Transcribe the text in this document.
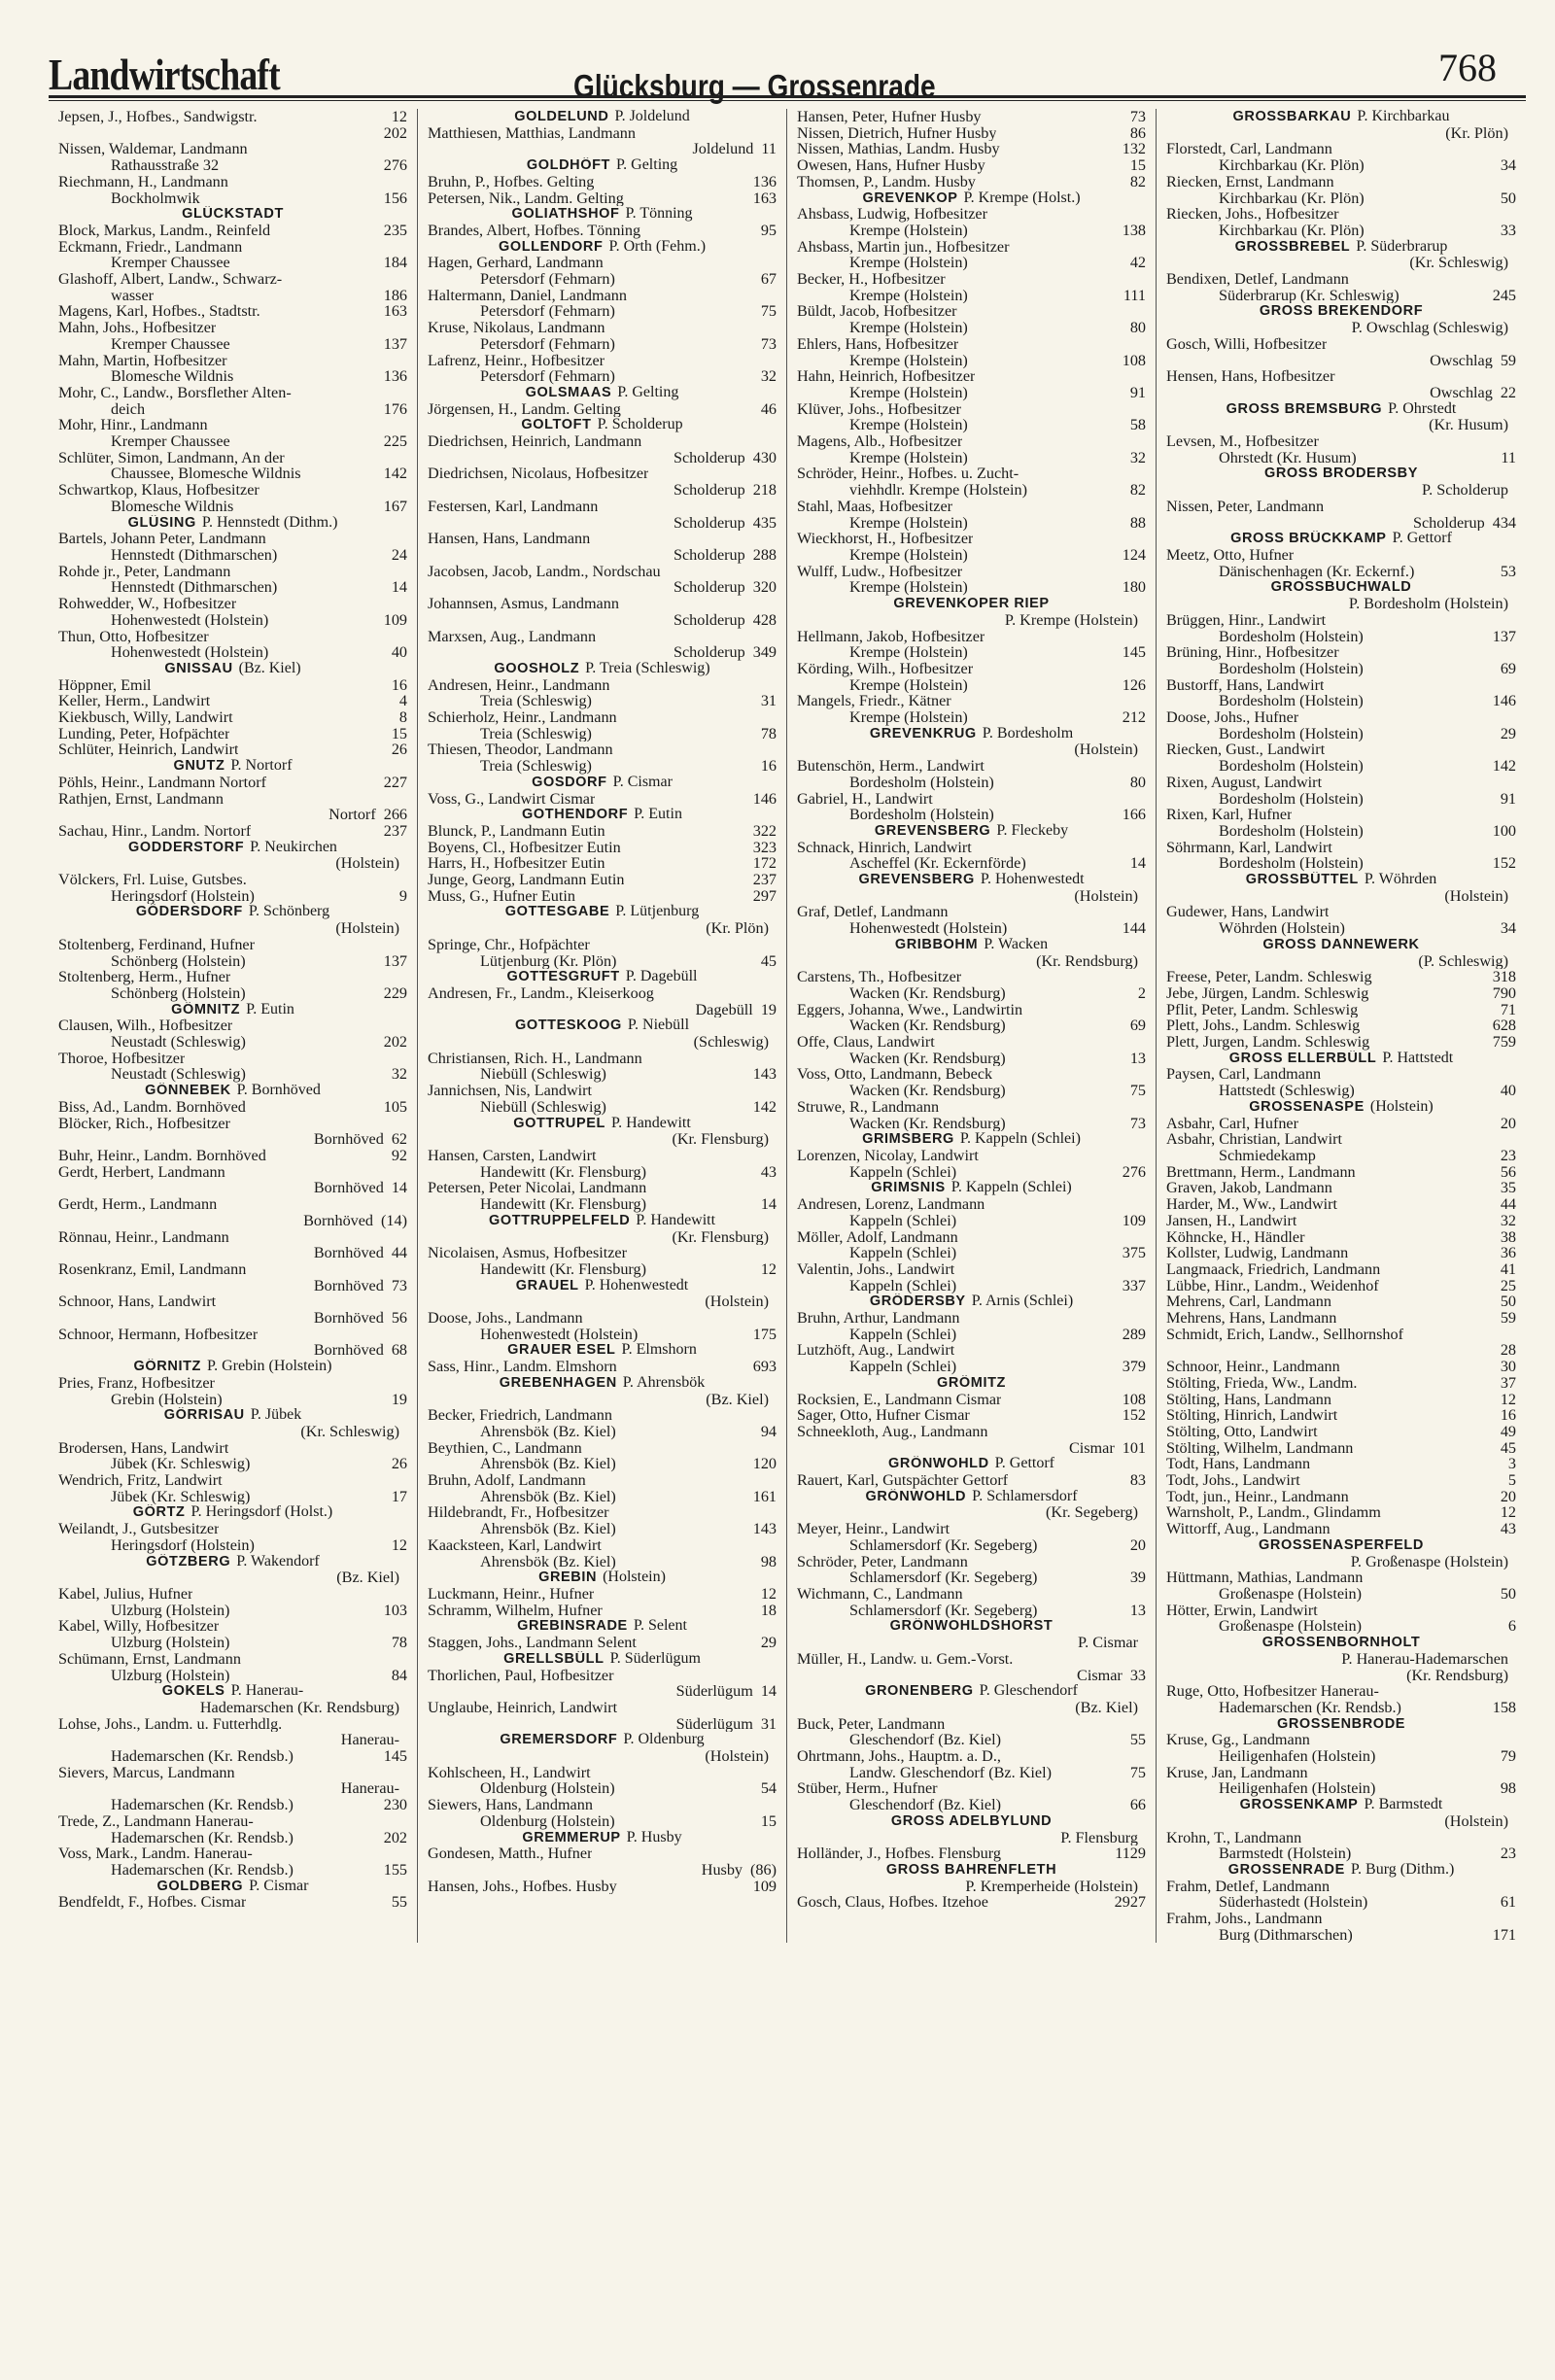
Landwirtschaft	Glücksburg — Grossenrade	768
Jepsen, J., Hofbes., Sandwigstr.	12
202
Nissen, Waldemar, Landmann
Rathausstraße 32	276
Riechmann, H., Landmann
Bockholmwik	156
GLÜCKSTADT
Block, Markus, Landm., Reinfeld	235
Eckmann, Friedr., Landmann
Kremper Chaussee	184
Glashoff, Albert, Landw., Schwarz-
wasser	186
Magens, Karl, Hofbes., Stadtstr.	163
Mahn, Johs., Hofbesitzer
Kremper Chaussee	137
Mahn, Martin, Hofbesitzer
Blomesche Wildnis	136
Mohr, C., Landw., Borsflether Alten-
deich	176
Mohr, Hinr., Landmann
Kremper Chaussee	225
Schlüter, Simon, Landmann, An der
Chaussee, Blomesche Wildnis	142
Schwartkop, Klaus, Hofbesitzer
Blomesche Wildnis	167
GLÜSING P. Hennstedt (Dithm.)
Bartels, Johann Peter, Landmann
Hennstedt (Dithmarschen)	24
Rohde jr., Peter, Landmann
Hennstedt (Dithmarschen)	14
Rohwedder, W., Hofbesitzer
Hohenwestedt (Holstein)	109
Thun, Otto, Hofbesitzer
Hohenwestedt (Holstein)	40
GNISSAU (Bz. Kiel)
Höppner, Emil	16
Keller, Herm., Landwirt	4
Kiekbusch, Willy, Landwirt	8
Lunding, Peter, Hofpächter	15
Schlüter, Heinrich, Landwirt	26
GNUTZ P. Nortorf
Pöhls, Heinr., Landmann Nortorf	227
Rathjen, Ernst, Landmann
Nortorf 266
Sachau, Hinr., Landm. Nortorf	237
GODDERSTORF P. Neukirchen
(Holstein)
Völckers, Frl. Luise, Gutsbes.
Heringsdorf (Holstein)	9
GÖDERSDORF P. Schönberg
(Holstein)
Stoltenberg, Ferdinand, Hufner
Schönberg (Holstein)	137
Stoltenberg, Herm., Hufner
Schönberg (Holstein)	229
GÖMNITZ P. Eutin
Clausen, Wilh., Hofbesitzer
Neustadt (Schleswig)	202
Thoroe, Hofbesitzer
Neustadt (Schleswig)	32
GÖNNEBEK P. Bornhöved
Biss, Ad., Landm. Bornhöved	105
Blöcker, Rich., Hofbesitzer
Bornhöved 62
Buhr, Heinr., Landm. Bornhöved	92
Gerdt, Herbert, Landmann
Bornhöved 14
Gerdt, Herm., Landmann
Bornhöved (14)
Rönnau, Heinr., Landmann
Bornhöved 44
Rosenkranz, Emil, Landmann
Bornhöved 73
Schnoor, Hans, Landwirt
Bornhöved 56
Schnoor, Hermann, Hofbesitzer
Bornhöved 68
GÖRNITZ P. Grebin (Holstein)
Pries, Franz, Hofbesitzer
Grebin (Holstein)	19
GÖRRISAU P. Jübek
(Kr. Schleswig)
Brodersen, Hans, Landwirt
Jübek (Kr. Schleswig)	26
Wendrich, Fritz, Landwirt
Jübek (Kr. Schleswig)	17
GÖRTZ P. Heringsdorf (Holst.)
Weilandt, J., Gutsbesitzer
Heringsdorf (Holstein)	12
GÖTZBERG P. Wakendorf
(Bz. Kiel)
Kabel, Julius, Hufner
Ulzburg (Holstein)	103
Kabel, Willy, Hofbesitzer
Ulzburg (Holstein)	78
Schümann, Ernst, Landmann
Ulzburg (Holstein)	84
GOKELS P. Hanerau-
Hademarschen (Kr. Rendsburg)
Lohse, Johs., Landm. u. Futterhdlg.
Hanerau-
Hademarschen (Kr. Rendsb.)	145
Sievers, Marcus, Landmann
Hanerau-
Hademarschen (Kr. Rendsb.)	230
Trede, Z., Landmann Hanerau-
Hademarschen (Kr. Rendsb.)	202
Voss, Mark., Landm. Hanerau-
Hademarschen (Kr. Rendsb.)	155
GOLDBERG P. Cismar
Bendfeldt, F., Hofbes. Cismar	55
GOLDELUND P. Joldelund
Matthiesen, Matthias, Landmann
Joldelund 11
GOLDHÖFT P. Gelting
Bruhn, P., Hofbes. Gelting	136
Petersen, Nik., Landm. Gelting	163
GOLIATHSHOF P. Tönning
Brandes, Albert, Hofbes. Tönning	95
GOLLENDORF P. Orth (Fehm.)
Hagen, Gerhard, Landmann
Petersdorf (Fehmarn)	67
Haltermann, Daniel, Landmann
Petersdorf (Fehmarn)	75
Kruse, Nikolaus, Landmann
Petersdorf (Fehmarn)	73
Lafrenz, Heinr., Hofbesitzer
Petersdorf (Fehmarn)	32
GOLSMAAS P. Gelting
Jörgensen, H., Landm. Gelting	46
GOLTOFT P. Scholderup
Diedrichsen, Heinrich, Landmann
Scholderup 430
Diedrichsen, Nicolaus, Hofbesitzer
Scholderup 218
Festersen, Karl, Landmann
Scholderup 435
Hansen, Hans, Landmann
Scholderup 288
Jacobsen, Jacob, Landm., Nordschau
Scholderup 320
Johannsen, Asmus, Landmann
Scholderup 428
Marxsen, Aug., Landmann
Scholderup 349
GOOSHOLZ P. Treia (Schleswig)
Andresen, Heinr., Landmann
Treia (Schleswig)	31
Schierholz, Heinr., Landmann
Treia (Schleswig)	78
Thiesen, Theodor, Landmann
Treia (Schleswig)	16
GOSDORF P. Cismar
Voss, G., Landwirt Cismar	146
GOTHENDORF P. Eutin
Blunck, P., Landmann Eutin	322
Boyens, Cl., Hofbesitzer Eutin	323
Harrs, H., Hofbesitzer Eutin	172
Junge, Georg, Landmann Eutin	237
Muss, G., Hufner Eutin	297
GOTTESGABE P. Lütjenburg
(Kr. Plön)
Springe, Chr., Hofpächter
Lütjenburg (Kr. Plön)	45
GOTTESGRUFT P. Dagebüll
Andresen, Fr., Landm., Kleiserkoog
Dagebüll 19
GOTTESKOOG P. Niebüll
(Schleswig)
Christiansen, Rich. H., Landmann
Niebüll (Schleswig)	143
Jannichsen, Nis, Landwirt
Niebüll (Schleswig)	142
GOTTRUPEL P. Handewitt
(Kr. Flensburg)
Hansen, Carsten, Landwirt
Handewitt (Kr. Flensburg)	43
Petersen, Peter Nicolai, Landmann
Handewitt (Kr. Flensburg)	14
GOTTRUPPELFELD P. Handewitt
(Kr. Flensburg)
Nicolaisen, Asmus, Hofbesitzer
Handewitt (Kr. Flensburg)	12
GRAUEL P. Hohenwestedt
(Holstein)
Doose, Johs., Landmann
Hohenwestedt (Holstein)	175
GRAUER ESEL P. Elmshorn
Sass, Hinr., Landm. Elmshorn	693
GREBENHAGEN P. Ahrensbök
(Bz. Kiel)
Becker, Friedrich, Landmann
Ahrensbök (Bz. Kiel)	94
Beythien, C., Landmann
Ahrensbök (Bz. Kiel)	120
Bruhn, Adolf, Landmann
Ahrensbök (Bz. Kiel)	161
Hildebrandt, Fr., Hofbesitzer
Ahrensbök (Bz. Kiel)	143
Kaacksteen, Karl, Landwirt
Ahrensbök (Bz. Kiel)	98
GREBIN (Holstein)
Luckmann, Heinr., Hufner	12
Schramm, Wilhelm, Hufner	18
GREBINSRADE P. Selent
Staggen, Johs., Landmann Selent	29
GRELLSBÜLL P. Süderlügum
Thorlichen, Paul, Hofbesitzer
Süderlügum 14
Unglaube, Heinrich, Landwirt
Süderlügum 31
GREMERSDORF P. Oldenburg
(Holstein)
Kohlscheen, H., Landwirt
Oldenburg (Holstein)	54
Siewers, Hans, Landmann
Oldenburg (Holstein)	15
GREMMERUP P. Husby
Gondesen, Matth., Hufner
Husby (86)
Hansen, Johs., Hofbes. Husby	109
Hansen, Peter, Hufner Husby	73
Nissen, Dietrich, Hufner Husby	86
Nissen, Mathias, Landm. Husby	132
Owesen, Hans, Hufner Husby	15
Thomsen, P., Landm. Husby	82
GREVENKOP P. Krempe (Holst.)
Ahsbass, Ludwig, Hofbesitzer
Krempe (Holstein)	138
Ahsbass, Martin jun., Hofbesitzer
Krempe (Holstein)	42
Becker, H., Hofbesitzer
Krempe (Holstein)	111
Büldt, Jacob, Hofbesitzer
Krempe (Holstein)	80
Ehlers, Hans, Hofbesitzer
Krempe (Holstein)	108
Hahn, Heinrich, Hofbesitzer
Krempe (Holstein)	91
Klüver, Johs., Hofbesitzer
Krempe (Holstein)	58
Magens, Alb., Hofbesitzer
Krempe (Holstein)	32
Schröder, Heinr., Hofbes. u. Zucht-
viehhdlr. Krempe (Holstein)	82
Stahl, Maas, Hofbesitzer
Krempe (Holstein)	88
Wieckhorst, H., Hofbesitzer
Krempe (Holstein)	124
Wulff, Ludw., Hofbesitzer
Krempe (Holstein)	180
GREVENKOPER RIEP
P. Krempe (Holstein)
Hellmann, Jakob, Hofbesitzer
Krempe (Holstein)	145
Körding, Wilh., Hofbesitzer
Krempe (Holstein)	126
Mangels, Friedr., Kätner
Krempe (Holstein)	212
GREVENKRUG P. Bordesholm
(Holstein)
Butenschön, Herm., Landwirt
Bordesholm (Holstein)	80
Gabriel, H., Landwirt
Bordesholm (Holstein)	166
GREVENSBERG P. Fleckeby
Schnack, Hinrich, Landwirt
Ascheffel (Kr. Eckernförde)	14
GREVENSBERG P. Hohenwestedt
(Holstein)
Graf, Detlef, Landmann
Hohenwestedt (Holstein)	144
GRIBBOHM P. Wacken
(Kr. Rendsburg)
Carstens, Th., Hofbesitzer
Wacken (Kr. Rendsburg)	2
Eggers, Johanna, Wwe., Landwirtin
Wacken (Kr. Rendsburg)	69
Offe, Claus, Landwirt
Wacken (Kr. Rendsburg)	13
Voss, Otto, Landmann, Bebeck
Wacken (Kr. Rendsburg)	75
Struwe, R., Landmann
Wacken (Kr. Rendsburg)	73
GRIMSBERG P. Kappeln (Schlei)
Lorenzen, Nicolay, Landwirt
Kappeln (Schlei)	276
GRIMSNIS P. Kappeln (Schlei)
Andresen, Lorenz, Landmann
Kappeln (Schlei)	109
Möller, Adolf, Landmann
Kappeln (Schlei)	375
Valentin, Johs., Landwirt
Kappeln (Schlei)	337
GRÖDERSBY P. Arnis (Schlei)
Bruhn, Arthur, Landmann
Kappeln (Schlei)	289
Lutzhöft, Aug., Landwirt
Kappeln (Schlei)	379
GRÖMITZ
Rocksien, E., Landmann Cismar	108
Sager, Otto, Hufner Cismar	152
Schneekloth, Aug., Landmann
Cismar 101
GRÖNWOHLD P. Gettorf
Rauert, Karl, Gutspächter Gettorf	83
GRÖNWOHLD P. Schlamersdorf
(Kr. Segeberg)
Meyer, Heinr., Landwirt
Schlamersdorf (Kr. Segeberg)	20
Schröder, Peter, Landmann
Schlamersdorf (Kr. Segeberg)	39
Wichmann, C., Landmann
Schlamersdorf (Kr. Segeberg)	13
GRÖNWOHLDSHORST
P. Cismar
Müller, H., Landw. u. Gem.-Vorst.
Cismar 33
GRONENBERG P. Gleschendorf
(Bz. Kiel)
Buck, Peter, Landmann
Gleschendorf (Bz. Kiel)	55
Ohrtmann, Johs., Hauptm. a. D.,
Landw. Gleschendorf (Bz. Kiel)	75
Stüber, Herm., Hufner
Gleschendorf (Bz. Kiel)	66
GROSS ADELBYLUND
P. Flensburg
Holländer, J., Hofbes. Flensburg	1129
GROSS BAHRENFLETH
P. Kremperheide (Holstein)
Gosch, Claus, Hofbes. Itzehoe	2927
GROSSBARKAU P. Kirchbarkau
(Kr. Plön)
Florstedt, Carl, Landmann
Kirchbarkau (Kr. Plön)	34
Riecken, Ernst, Landmann
Kirchbarkau (Kr. Plön)	50
Riecken, Johs., Hofbesitzer
Kirchbarkau (Kr. Plön)	33
GROSSBREBEL P. Süderbrarup
(Kr. Schleswig)
Bendixen, Detlef, Landmann
Süderbrarup (Kr. Schleswig)	245
GROSS BREKENDORF
P. Owschlag (Schleswig)
Gosch, Willi, Hofbesitzer
Owschlag 59
Hensen, Hans, Hofbesitzer
Owschlag 22
GROSS BREMSBURG P. Ohrstedt
(Kr. Husum)
Levsen, M., Hofbesitzer
Ohrstedt (Kr. Husum)	11
GROSS BRODERSBY
P. Scholderup
Nissen, Peter, Landmann
Scholderup 434
GROSS BRÜCKKAMP P. Gettorf
Meetz, Otto, Hufner
Dänischenhagen (Kr. Eckernf.)	53
GROSSBUCHWALD
P. Bordesholm (Holstein)
Brüggen, Hinr., Landwirt
Bordesholm (Holstein)	137
Brüning, Hinr., Hofbesitzer
Bordesholm (Holstein)	69
Bustorff, Hans, Landwirt
Bordesholm (Holstein)	146
Doose, Johs., Hufner
Bordesholm (Holstein)	29
Riecken, Gust., Landwirt
Bordesholm (Holstein)	142
Rixen, August, Landwirt
Bordesholm (Holstein)	91
Rixen, Karl, Hufner
Bordesholm (Holstein)	100
Söhrmann, Karl, Landwirt
Bordesholm (Holstein)	152
GROSSBÜTTEL P. Wöhrden
(Holstein)
Gudewer, Hans, Landwirt
Wöhrden (Holstein)	34
GROSS DANNEWERK
(P. Schleswig)
Freese, Peter, Landm. Schleswig	318
Jebe, Jürgen, Landm. Schleswig	790
Pflit, Peter, Landm. Schleswig	71
Plett, Johs., Landm. Schleswig	628
Plett, Jurgen, Landm. Schleswig	759
GROSS ELLERBÜLL P. Hattstedt
Paysen, Carl, Landmann
Hattstedt (Schleswig)	40
GROSSENASPE (Holstein)
Asbahr, Carl, Hufner	20
Asbahr, Christian, Landwirt
Schmiedekamp	23
Brettmann, Herm., Landmann	56
Graven, Jakob, Landmann	35
Harder, M., Ww., Landwirt	44
Jansen, H., Landwirt	32
Köhncke, H., Händler	38
Kollster, Ludwig, Landmann	36
Langmaack, Friedrich, Landmann	41
Lübbe, Hinr., Landm., Weidenhof	25
Mehrens, Carl, Landmann	50
Mehrens, Hans, Landmann	59
Schmidt, Erich, Landw., Sellhornshof
28
Schnoor, Heinr., Landmann	30
Stölting, Frieda, Ww., Landm.	37
Stölting, Hans, Landmann	12
Stölting, Hinrich, Landwirt	16
Stölting, Otto, Landwirt	49
Stölting, Wilhelm, Landmann	45
Todt, Hans, Landmann	3
Todt, Johs., Landwirt	5
Todt, jun., Heinr., Landmann	20
Warnsholt, P., Landm., Glindamm	12
Wittorff, Aug., Landmann	43
GROSSENASPERFELD
P. Großenaspe (Holstein)
Hüttmann, Mathias, Landmann
Großenaspe (Holstein)	50
Hötter, Erwin, Landwirt
Großenaspe (Holstein)	6
GROSSENBORNHOLT
P. Hanerau-Hademarschen
(Kr. Rendsburg)
Ruge, Otto, Hofbesitzer Hanerau-
Hademarschen (Kr. Rendsb.)	158
GROSSENBRODE
Kruse, Gg., Landmann
Heiligenhafen (Holstein)	79
Kruse, Jan, Landmann
Heiligenhafen (Holstein)	98
GROSSENKAMP P. Barmstedt
(Holstein)
Krohn, T., Landmann
Barmstedt (Holstein)	23
GROSSENRADE P. Burg (Dithm.)
Frahm, Detlef, Landmann
Süderhastedt (Holstein)	61
Frahm, Johs., Landmann
Burg (Dithmarschen)	171
